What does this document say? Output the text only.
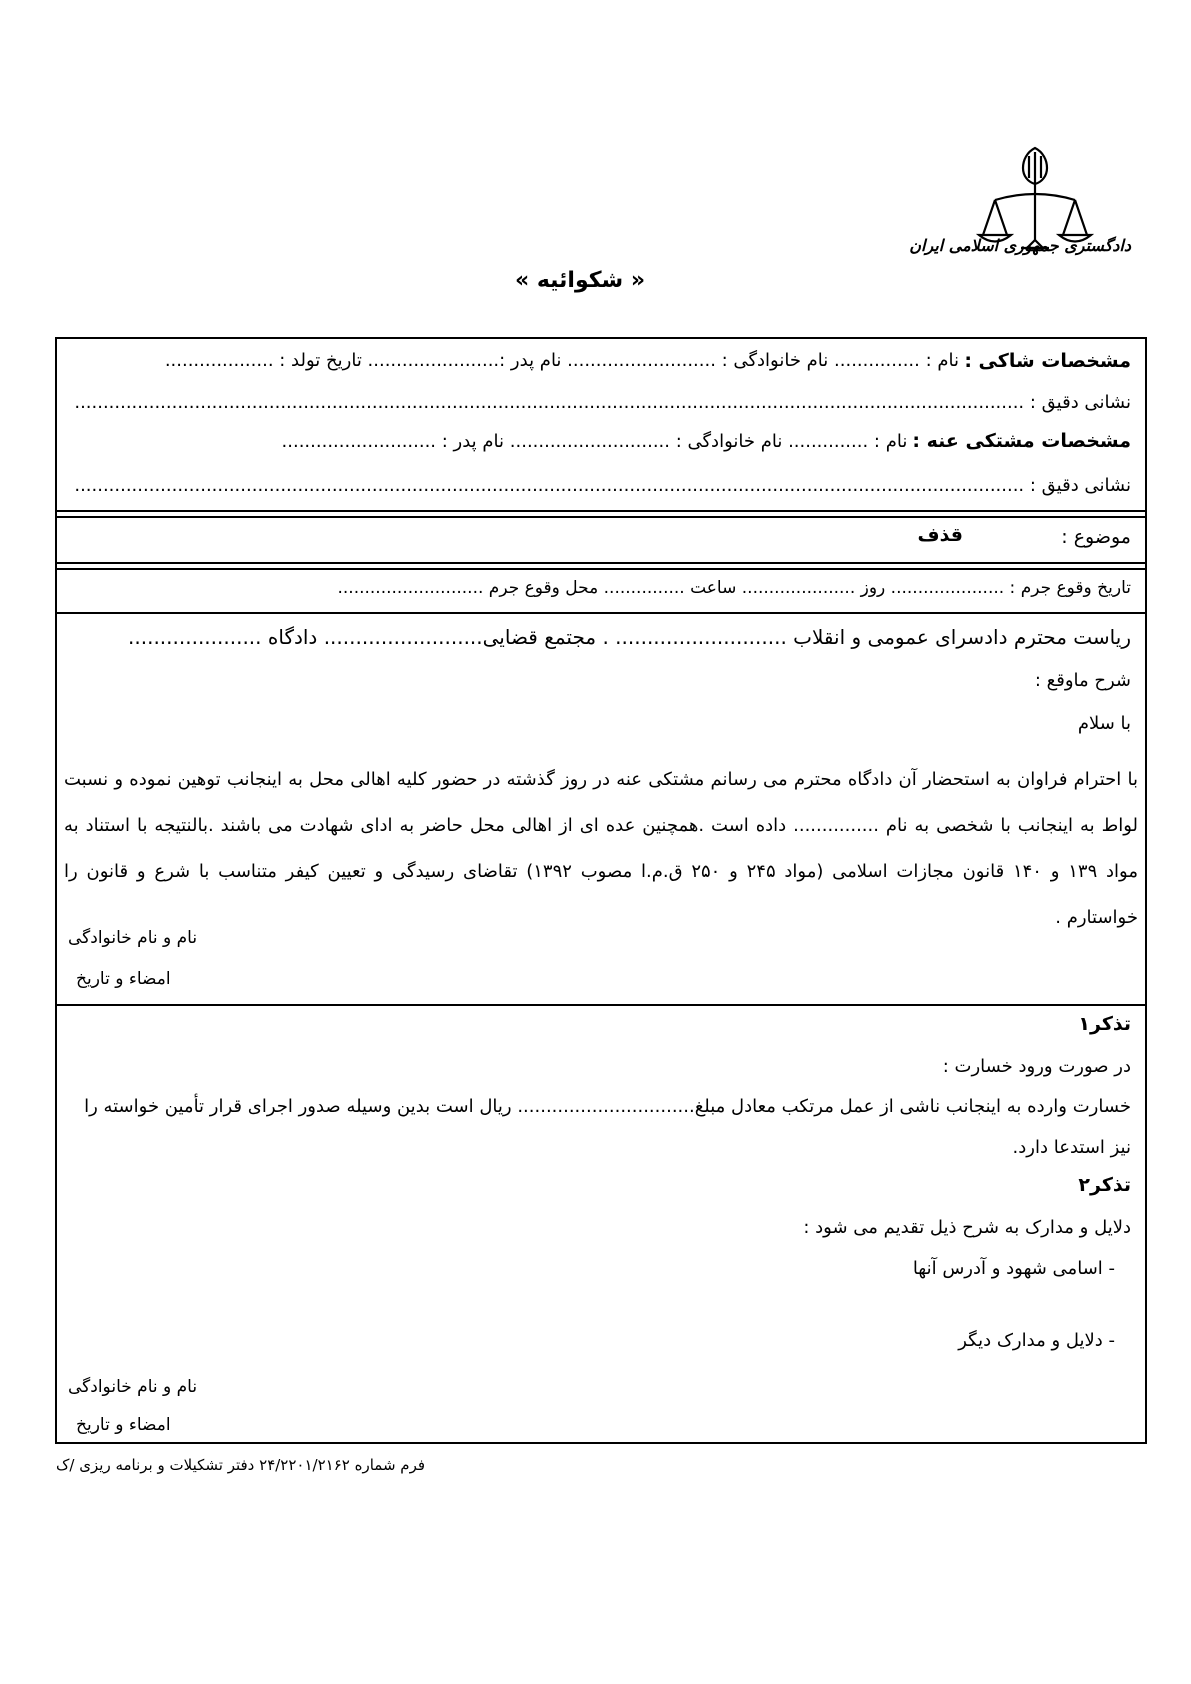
دادگستری جمهوری اسلامی ایران
« شکوائیه »
مشخصات شاکی :
نام : ............... نام خانوادگی : .......................... نام پدر :....................... تاریخ تولد : ...................
نشانی دقیق : ......................................................................................................................................................................
مشخصات مشتکی عنه : نام : .............. نام خانوادگی : ............................ نام پدر : ...........................
نشانی دقیق : ......................................................................................................................................................................
موضوع :
قذف
تاریخ وقوع جرم : ..................... روز ..................... ساعت ............... محل وقوع جرم ...........................
ریاست محترم دادسرای عمومی و انقلاب ........................... . مجتمع قضایی......................... دادگاه .....................
شرح ماوقع :
با سلام
با احترام فراوان به استحضار آن دادگاه محترم می رسانم مشتکی عنه در روز گذشته در حضور کلیه اهالی محل به اینجانب توهین نموده و نسبت لواط به اینجانب با شخصی به نام ............... داده است .همچنین عده ای از اهالی محل حاضر به ادای شهادت می باشند .بالنتیجه با استناد به مواد ۱۳۹ و ۱۴۰ قانون مجازات اسلامی (مواد ۲۴۵ و ۲۵۰ ق.م.ا مصوب ۱۳۹۲) تقاضای رسیدگی و تعیین کیفر متناسب با شرع و قانون را خواستارم .
نام و نام خانوادگی
امضاء و تاریخ
تذکر۱
در صورت ورود خسارت :
خسارت وارده به اینجانب ناشی از عمل مرتکب معادل مبلغ............................... ریال است بدین وسیله صدور اجرای قرار تأمین خواسته را
نیز استدعا دارد.
تذکر۲
دلایل و مدارک به شرح ذیل تقدیم می شود :
- اسامی شهود و آدرس آنها
- دلایل و مدارک دیگر
نام و نام خانوادگی
امضاء و تاریخ
فرم شماره ۲۴/۲۲۰۱/۲۱۶۲ دفتر تشکیلات و برنامه ریزی /ک
